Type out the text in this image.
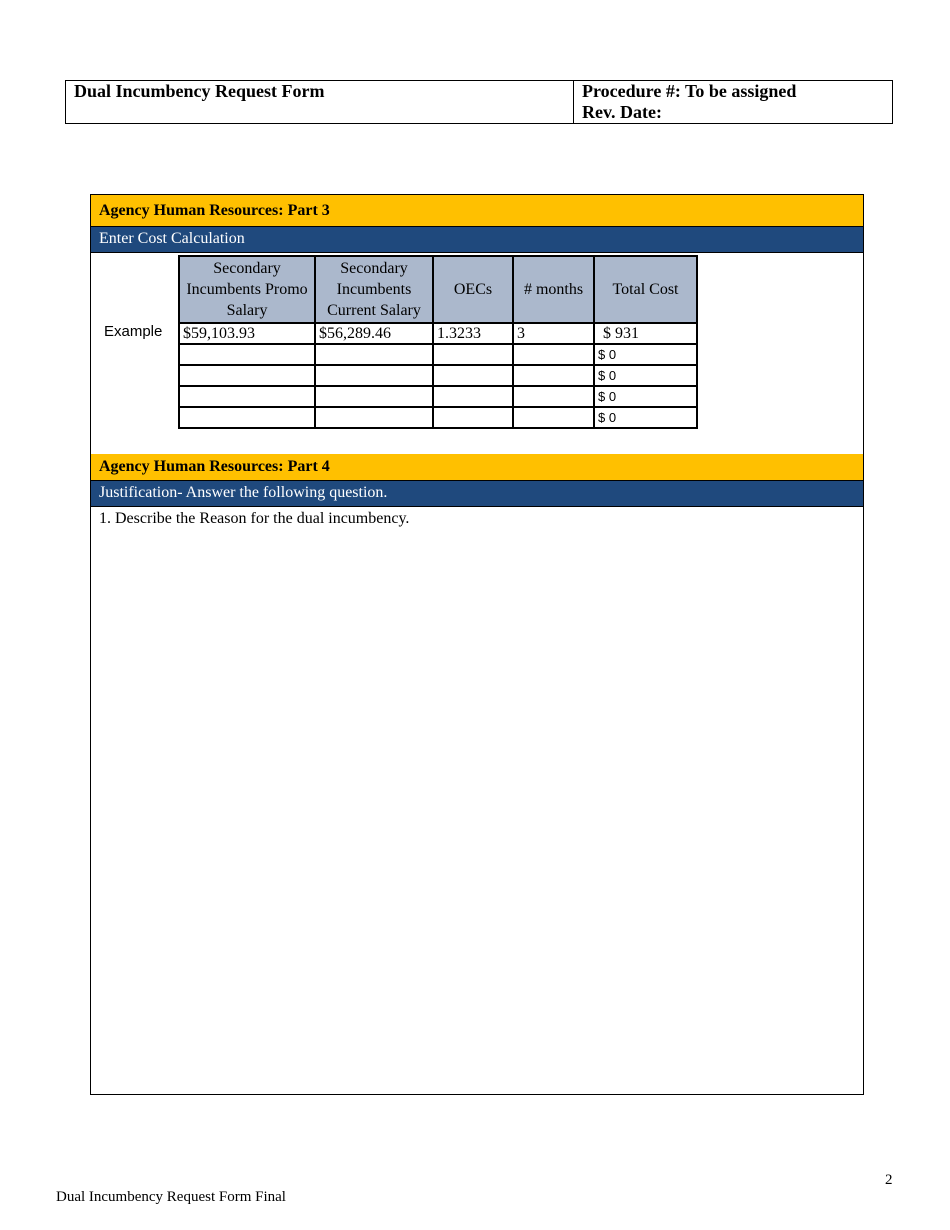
Dual Incumbency Request Form	Procedure #: To be assigned
Rev. Date:
Agency Human Resources: Part 3
Enter Cost Calculation
Example
Secondary Incumbents Promo Salary	Secondary Incumbents Current Salary	OECs	# months	Total Cost
$59,103.93	$56,289.46	1.3233	3	$ 931
				$ 0
				$ 0
				$ 0
				$ 0
Agency Human Resources: Part 4
Justification- Answer the following question.
1. Describe the Reason for the dual incumbency.
2
Dual Incumbency Request Form Final
